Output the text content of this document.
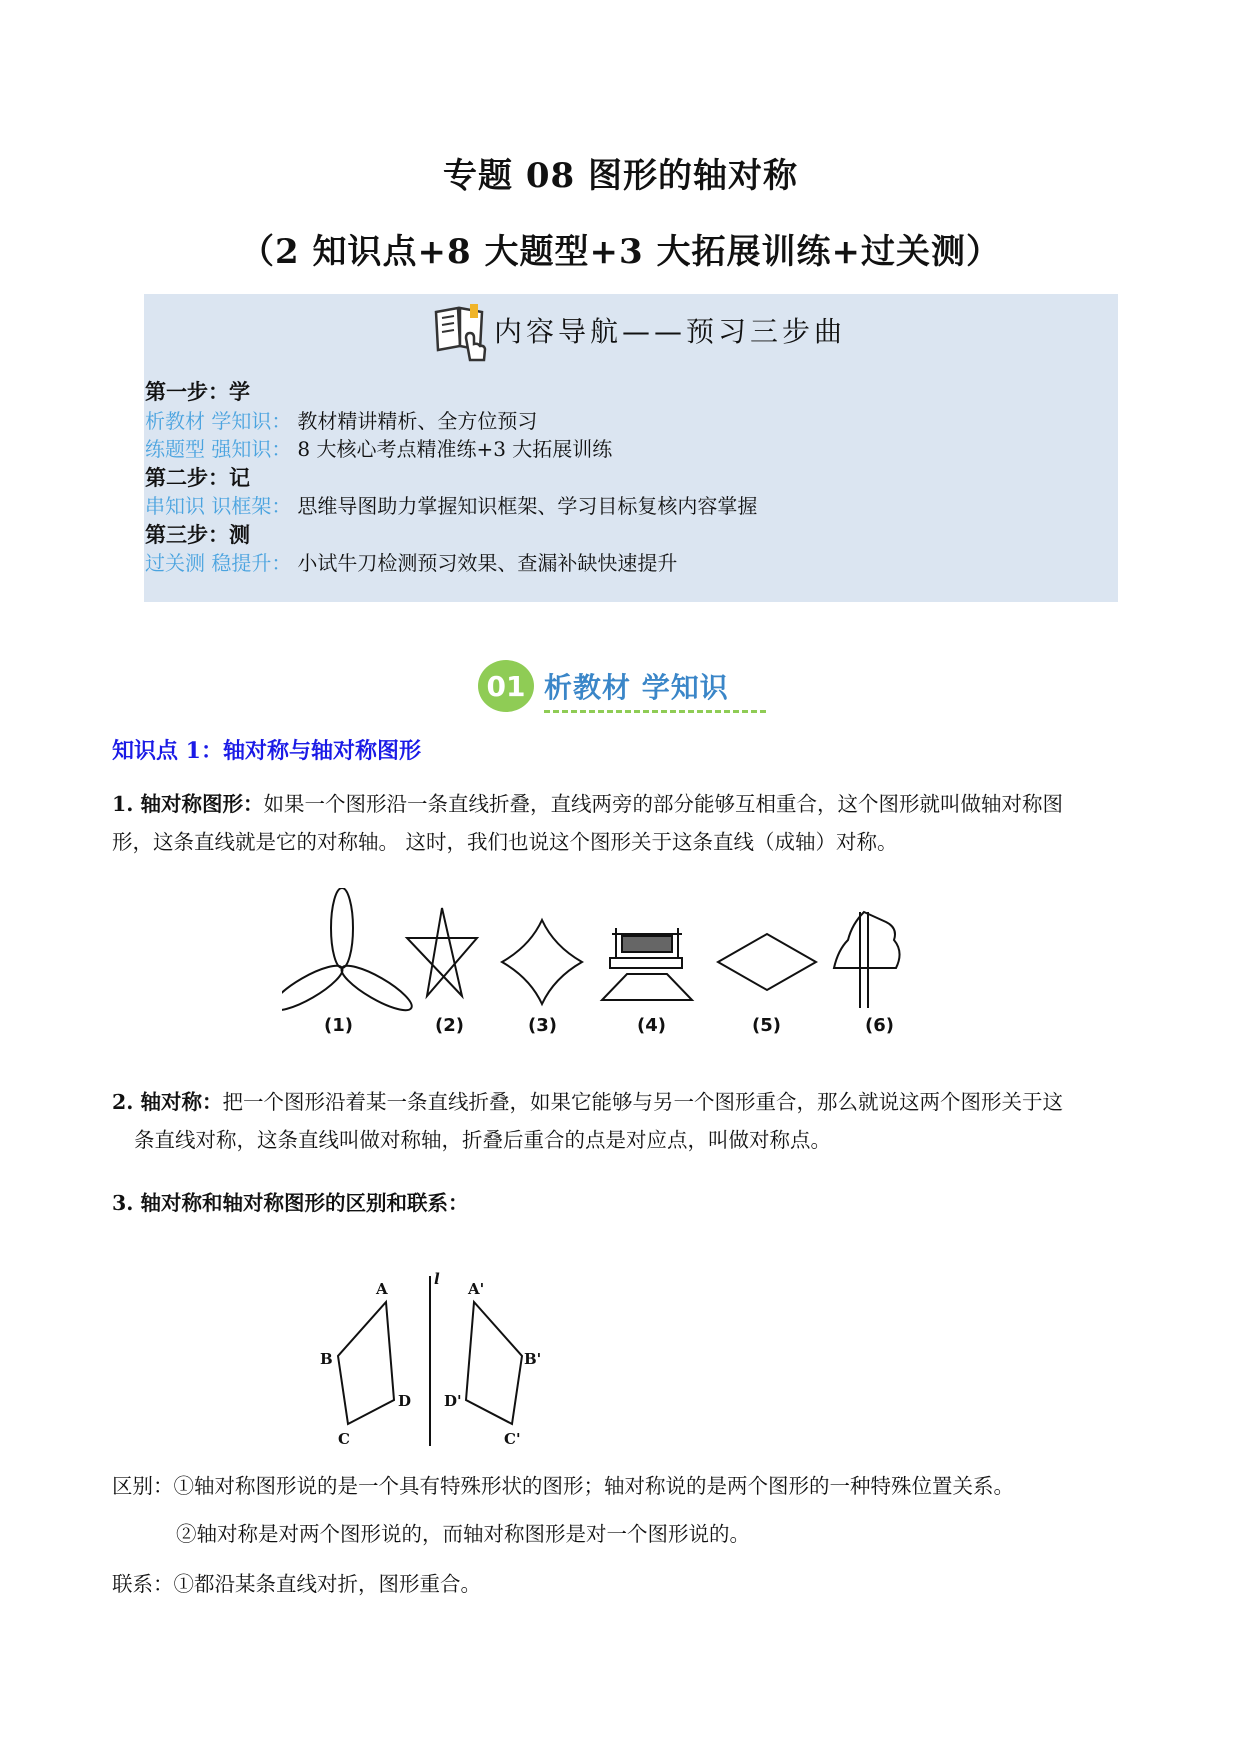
专题 08 图形的轴对称
（2 知识点+8 大题型+3 大拓展训练+过关测）
内容导航——预习三步曲
第一步：学
析教材 学知识： 教材精讲精析、全方位预习
练题型 强知识： 8 大核心考点精准练+3 大拓展训练
第二步：记
串知识 识框架： 思维导图助力掌握知识框架、学习目标复核内容掌握
第三步：测
过关测 稳提升： 小试牛刀检测预习效果、查漏补缺快速提升
01 析教材 学知识
知识点 1：轴对称与轴对称图形
1. 轴对称图形：如果一个图形沿一条直线折叠，直线两旁的部分能够互相重合，这个图形就叫做轴对称图
形，这条直线就是它的对称轴。 这时，我们也说这个图形关于这条直线（成轴）对称。
(1)	(2)	(3)	(4)	(5)	(6)
2. 轴对称：把一个图形沿着某一条直线折叠，如果它能够与另一个图形重合，那么就说这两个图形关于这
条直线对称，这条直线叫做对称轴，折叠后重合的点是对应点，叫做对称点。
3. 轴对称和轴对称图形的区别和联系：
A
B
C
D
l
A'
B'
C'
D'
区别：①轴对称图形说的是一个具有特殊形状的图形；轴对称说的是两个图形的一种特殊位置关系。
②轴对称是对两个图形说的，而轴对称图形是对一个图形说的。
联系：①都沿某条直线对折，图形重合。
